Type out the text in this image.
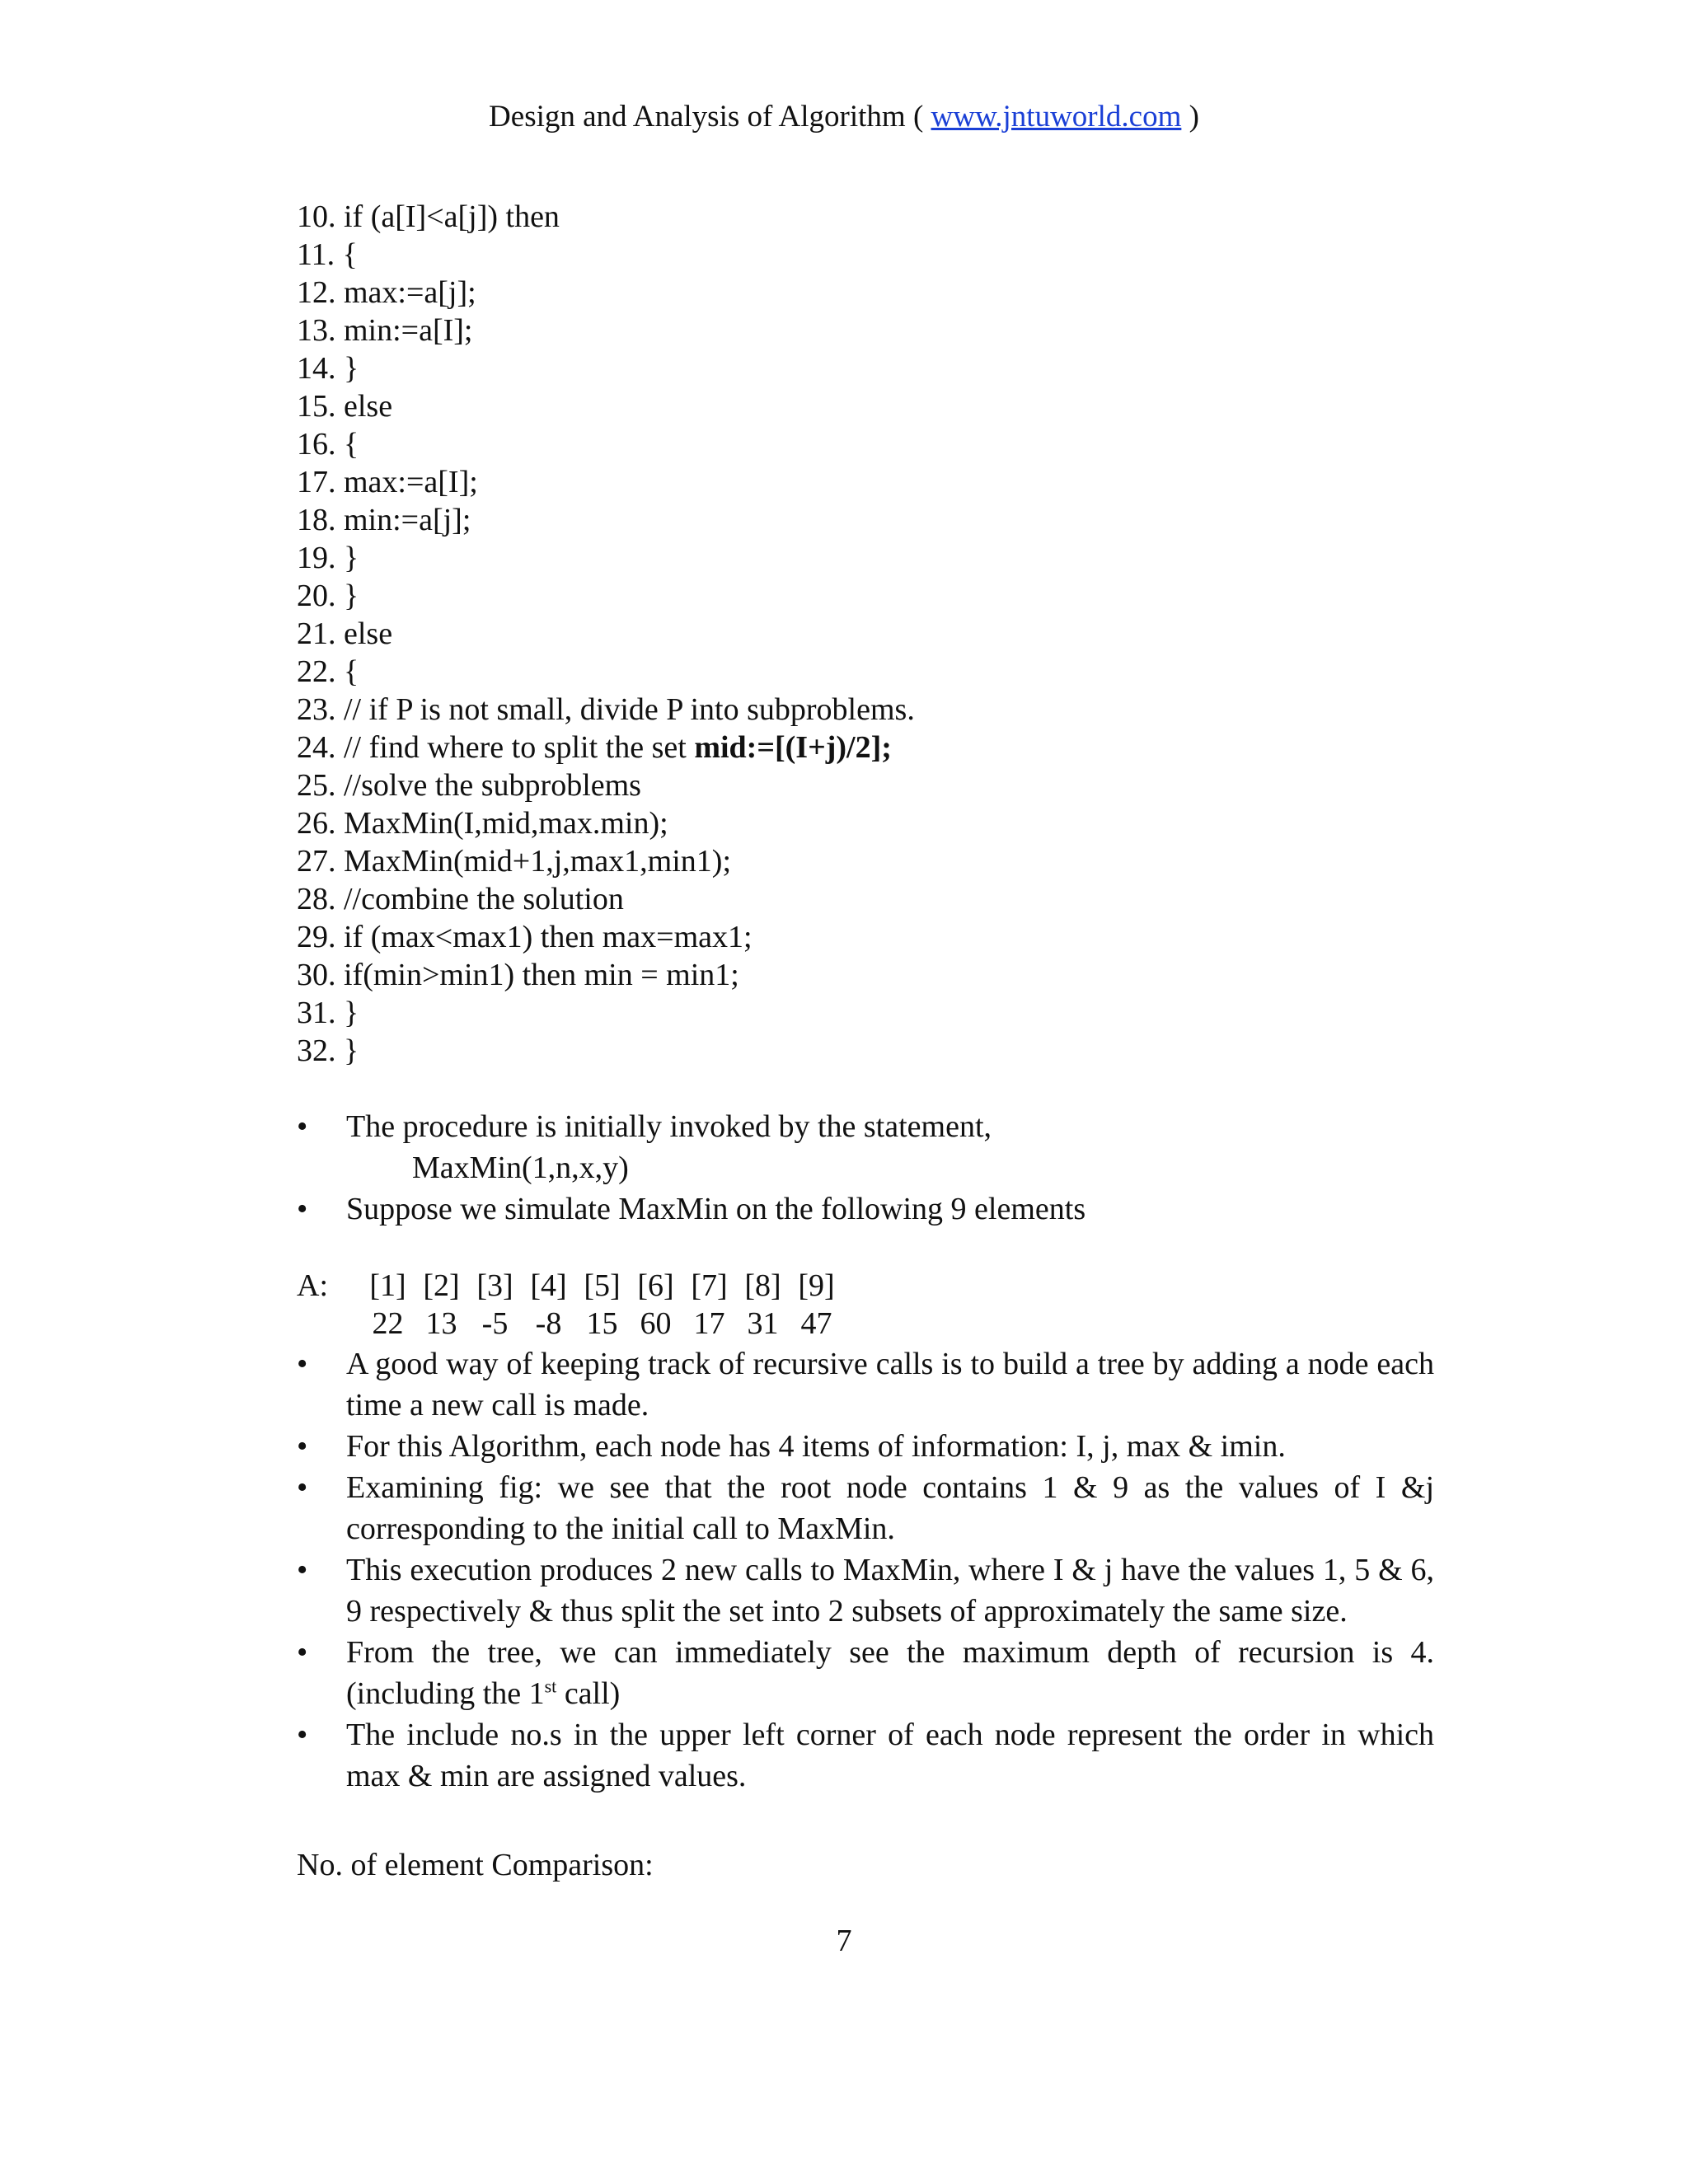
Design and Analysis of Algorithm ( www.jntuworld.com )
10. if (a[I]<a[j]) then
11. {
12. max:=a[j];
13. min:=a[I];
14. }
15. else
16. {
17. max:=a[I];
18. min:=a[j];
19. }
20. }
21. else
22. {
23. // if P is not small, divide P into subproblems.
24. // find where to split the set mid:=[(I+j)/2];
25. //solve the subproblems
26. MaxMin(I,mid,max.min);
27. MaxMin(mid+1,j,max1,min1);
28. //combine the solution
29. if (max<max1) then max=max1;
30. if(min>min1) then min = min1;
31. }
32. }
• The procedure is initially invoked by the statement,
MaxMin(1,n,x,y)
• Suppose we simulate MaxMin on the following 9 elements
A: [1] [2] [3] [4] [5] [6] [7] [8] [9]
22 13 -5 -8 15 60 17 31 47
• A good way of keeping track of recursive calls is to build a tree by adding a node each time a new call is made.
• For this Algorithm, each node has 4 items of information: I, j, max & imin.
• Examining fig: we see that the root node contains 1 & 9 as the values of I &j corresponding to the initial call to MaxMin.
• This execution produces 2 new calls to MaxMin, where I & j have the values 1, 5 & 6, 9 respectively & thus split the set into 2 subsets of approximately the same size.
• From the tree, we can immediately see the maximum depth of recursion is 4. (including the 1st call)
• The include no.s in the upper left corner of each node represent the order in which max & min are assigned values.
No. of element Comparison:
7
